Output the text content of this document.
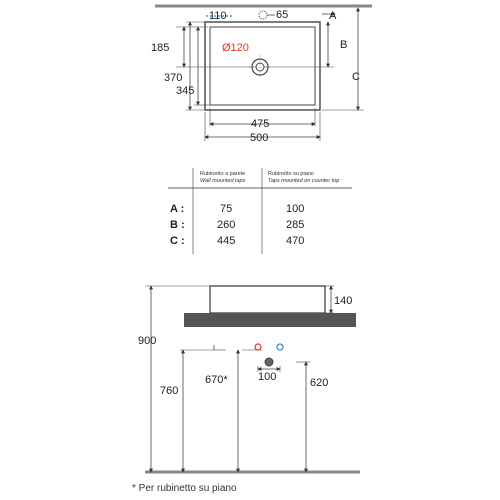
Ø120
110	65	A
B
C
185
370
345
475
500
Rubinetto a parete
Wall mounted taps
Rubinetto su piano
Taps mounted on counter top
A :	75	100
B :	260	285
C :	445	470
140
900
760
670*	100	620
* Per rubinetto su piano
